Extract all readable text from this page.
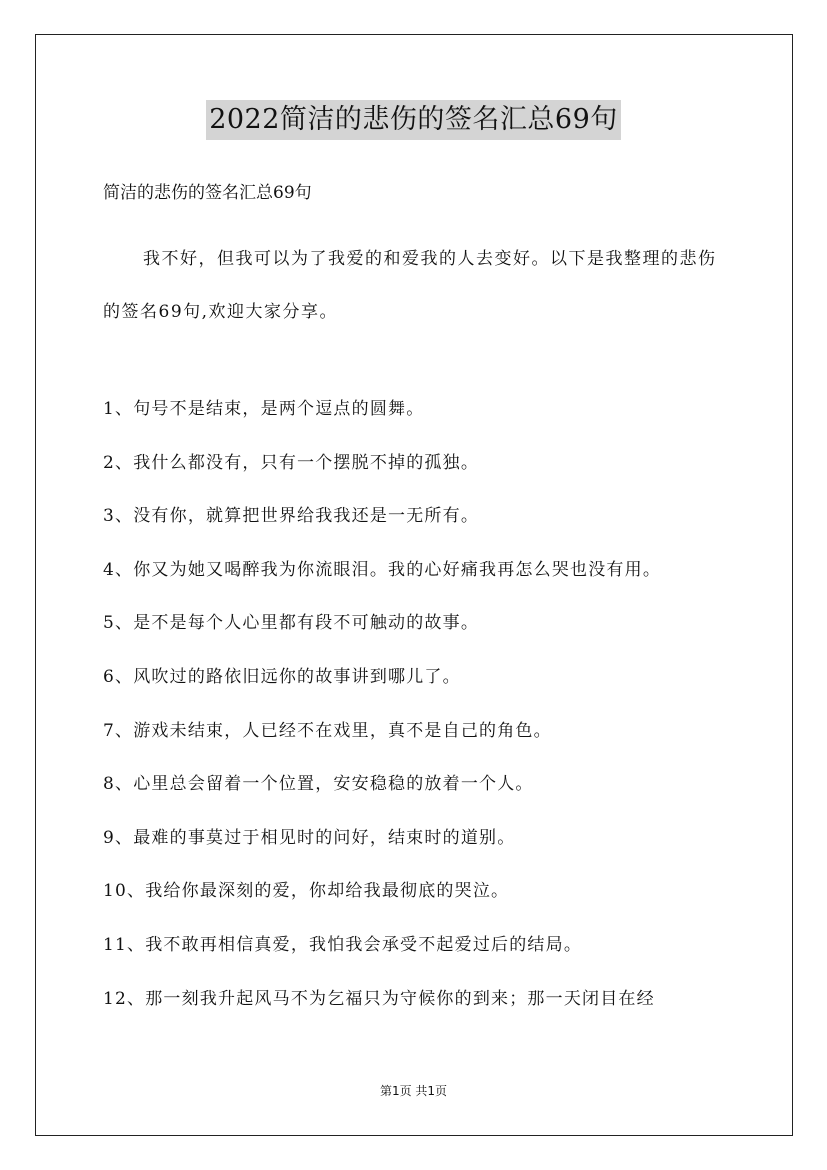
2022简洁的悲伤的签名汇总69句
简洁的悲伤的签名汇总69句

我不好，但我可以为了我爱的和爱我的人去变好。以下是我整理的悲伤的签名69句,欢迎大家分享。

1、句号不是结束，是两个逗点的圆舞。
2、我什么都没有，只有一个摆脱不掉的孤独。
3、没有你，就算把世界给我我还是一无所有。
4、你又为她又喝醉我为你流眼泪。我的心好痛我再怎么哭也没有用。
5、是不是每个人心里都有段不可触动的故事。
6、风吹过的路依旧远你的故事讲到哪儿了。
7、游戏未结束，人已经不在戏里，真不是自己的角色。
8、心里总会留着一个位置，安安稳稳的放着一个人。
9、最难的事莫过于相见时的问好，结束时的道别。
10、我给你最深刻的爱，你却给我最彻底的哭泣。
11、我不敢再相信真爱，我怕我会承受不起爱过后的结局。
12、那一刻我升起风马不为乞福只为守候你的到来；那一天闭目在经
第1页 共1页
